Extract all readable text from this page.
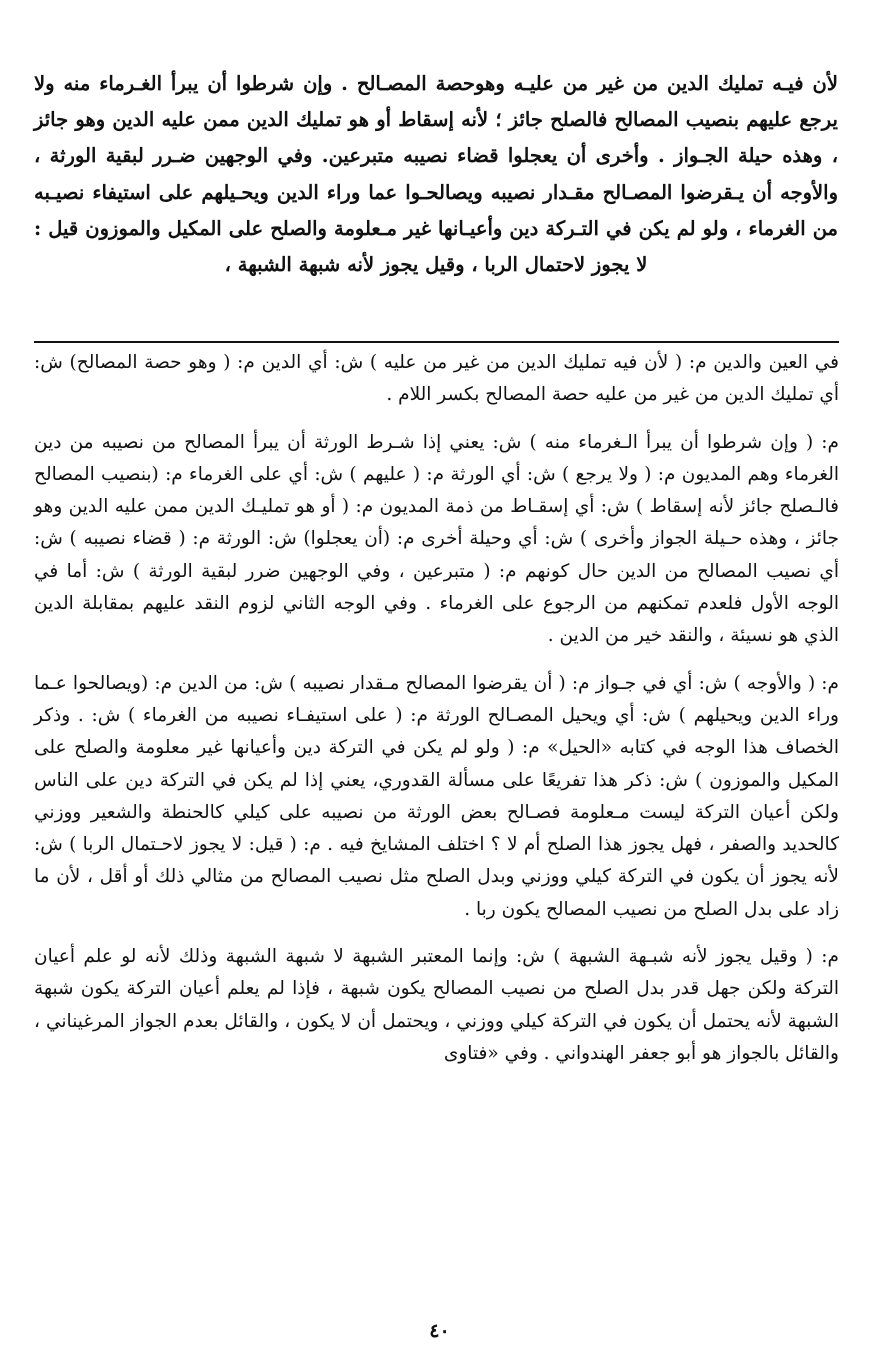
لأن فيـه تمليك الدين من غير من عليـه وهوحصة المصـالح . وإن شرطوا أن يبرأ الغـرماء منه ولا يرجع عليهم بنصيب المصالح فالصلح جائز ؛ لأنه إسقاط أو هو تمليك الدين ممن عليه الدين وهو جائز ، وهذه حيلة الجـواز . وأخرى أن يعجلوا قضاء نصيبه متبرعين. وفي الوجهين ضـرر لبقية الورثة ، والأوجه أن يـقرضوا المصـالح مقـدار نصيبه ويصالحـوا عما وراء الدين ويحـيلهم على استيفاء نصيـبه من الغرماء ، ولو لم يكن في التـركة دين وأعيـانها غير مـعلومة والصلح على المكيل والموزون قيل : لا يجوز لاحتمال الربا ، وقيل يجوز لأنه شبهة الشبهة ،

في العين والدين م: ( لأن فيه تمليك الدين من غير من عليه ) ش: أي الدين م: ( وهو حصة المصالح) ش: أي تمليك الدين من غير من عليه حصة المصالح بكسر اللام .

م: ( وإن شرطوا أن يبرأ الـغرماء منه ) ش: يعني إذا شـرط الورثة أن يبرأ المصالح من نصيبه من دين الغرماء وهم المديون م: ( ولا يرجع ) ش: أي الورثة م: ( عليهم ) ش: أي على الغرماء م: (بنصيب المصالح فالـصلح جائز لأنه إسقاط ) ش: أي إسقـاط من ذمة المديون م: ( أو هو تمليـك الدين ممن عليه الدين وهو جائز ، وهذه حـيلة الجواز وأخرى ) ش: أي وحيلة أخرى م: (أن يعجلوا) ش: الورثة م: ( قضاء نصيبه ) ش: أي نصيب المصالح من الدين حال كونهم م: ( متبرعين ، وفي الوجهين ضرر لبقية الورثة ) ش: أما في الوجه الأول فلعدم تمكنهم من الرجوع على الغرماء . وفي الوجه الثاني لزوم النقد عليهم بمقابلة الدين الذي هو نسيئة ، والنقد خير من الدين .

م: ( والأوجه ) ش: أي في جـواز م: ( أن يقرضوا المصالح مـقدار نصيبه ) ش: من الدين م: (ويصالحوا عـما وراء الدين ويحيلهم ) ش: أي ويحيل المصـالح الورثة م: ( على استيفـاء نصيبه من الغرماء ) ش: . وذكر الخصاف هذا الوجه في كتابه «الحيل» م: ( ولو لم يكن في التركة دين وأعيانها غير معلومة والصلح على المكيل والموزون ) ش: ذكر هذا تفريعًا على مسألة القدوري، يعني إذا لم يكن في التركة دين على الناس ولكن أعيان التركة ليست مـعلومة فصـالح بعض الورثة من نصيبه على كيلي كالحنطة والشعير ووزني كالحديد والصفر ، فهل يجوز هذا الصلح أم لا ؟ اختلف المشايخ فيه . م: ( قيل: لا يجوز لاحـتمال الربا ) ش: لأنه يجوز أن يكون في التركة كيلي ووزني وبدل الصلح مثل نصيب المصالح من مثالي ذلك أو أقل ، لأن ما زاد على بدل الصلح من نصيب المصالح يكون ربا .

م: ( وقيل يجوز لأنه شبـهة الشبهة ) ش: وإنما المعتبر الشبهة لا شبهة الشبهة وذلك لأنه لو علم أعيان التركة ولكن جهل قدر بدل الصلح من نصيب المصالح يكون شبهة ، فإذا لم يعلم أعيان التركة يكون شبهة الشبهة لأنه يحتمل أن يكون في التركة كيلي ووزني ، ويحتمل أن لا يكون ، والقائل بعدم الجواز المرغيناني ، والقائل بالجواز هو أبو جعفر الهندواني . وفي «فتاوى

٤٠
